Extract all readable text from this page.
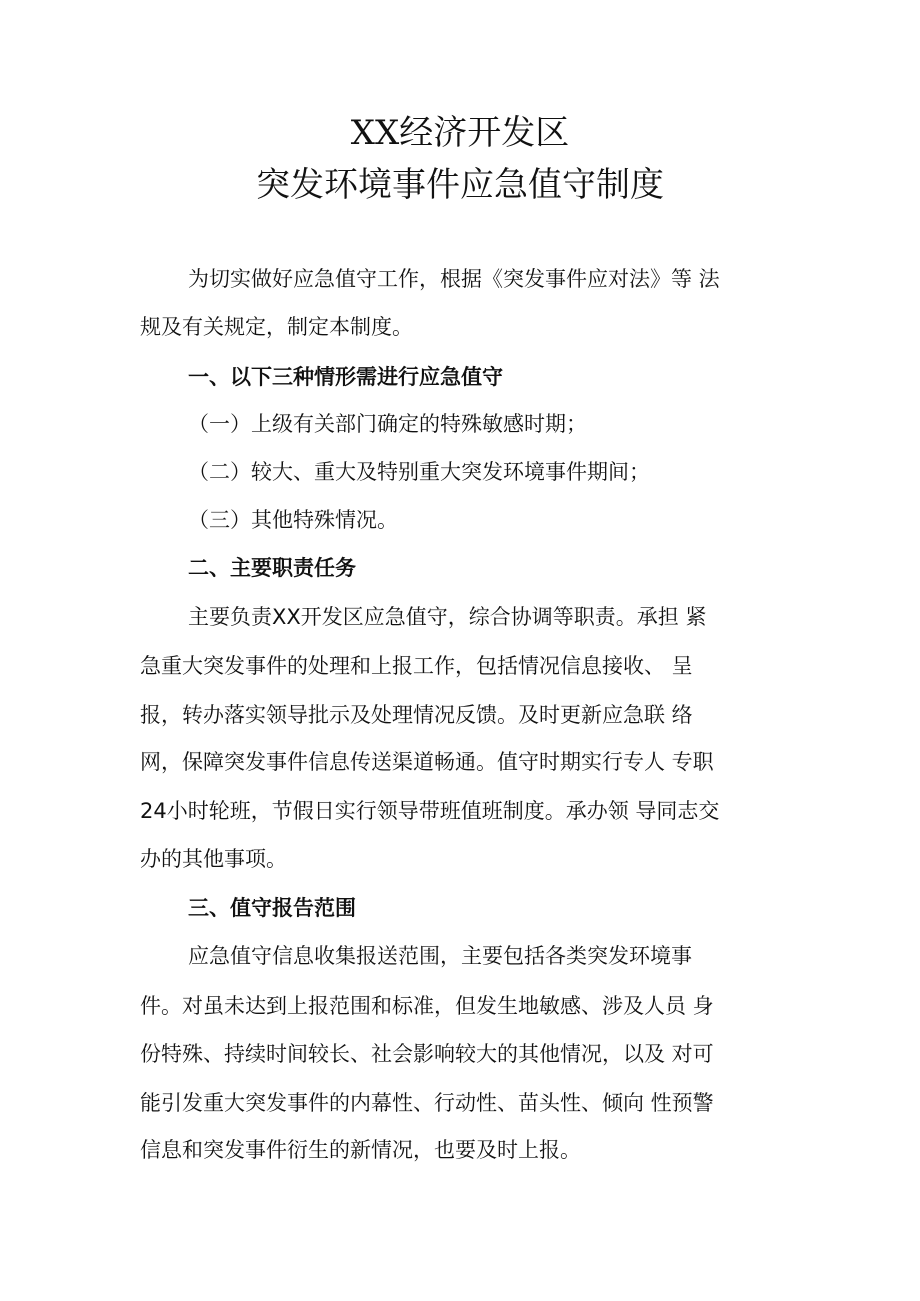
XX经济开发区
突发环境事件应急值守制度
为切实做好应急值守工作，根据《突发事件应对法》等 法
规及有关规定，制定本制度。
一、以下三种情形需进行应急值守
（一）上级有关部门确定的特殊敏感时期；
（二）较大、重大及特别重大突发环境事件期间；
（三）其他特殊情况。
二、主要职责任务
主要负责XX开发区应急值守，综合协调等职责。承担 紧
急重大突发事件的处理和上报工作，包括情况信息接收、 呈
报，转办落实领导批示及处理情况反馈。及时更新应急联 络
网，保障突发事件信息传送渠道畅通。值守时期实行专人 专职
24小时轮班，节假日实行领导带班值班制度。承办领 导同志交
办的其他事项。
三、值守报告范围
应急值守信息收集报送范围，主要包括各类突发环境事
件。对虽未达到上报范围和标准，但发生地敏感、涉及人员 身
份特殊、持续时间较长、社会影响较大的其他情况，以及 对可
能引发重大突发事件的内幕性、行动性、苗头性、倾向 性预警
信息和突发事件衍生的新情况，也要及时上报。
